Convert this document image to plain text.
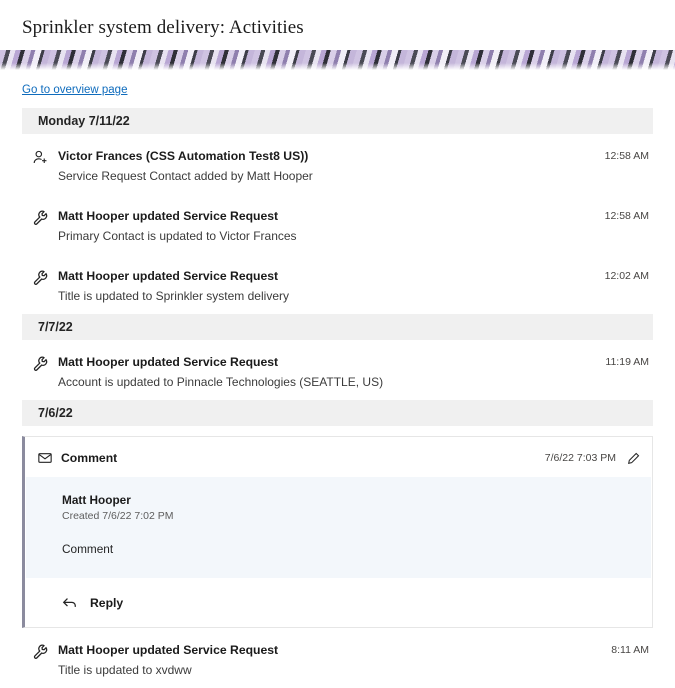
Sprinkler system delivery: Activities
Go to overview page
Monday 7/11/22
Victor Frances (CSS Automation Test8 US))
Service Request Contact added by Matt Hooper
12:58 AM
Matt Hooper updated Service Request
Primary Contact is updated to Victor Frances
12:58 AM
Matt Hooper updated Service Request
Title is updated to Sprinkler system delivery
12:02 AM
7/7/22
Matt Hooper updated Service Request
Account is updated to Pinnacle Technologies (SEATTLE, US)
11:19 AM
7/6/22
Comment	7/6/22 7:03 PM
Matt Hooper
Created 7/6/22 7:02 PM
Comment
Reply
Matt Hooper updated Service Request
Title is updated to xvdww
8:11 AM
